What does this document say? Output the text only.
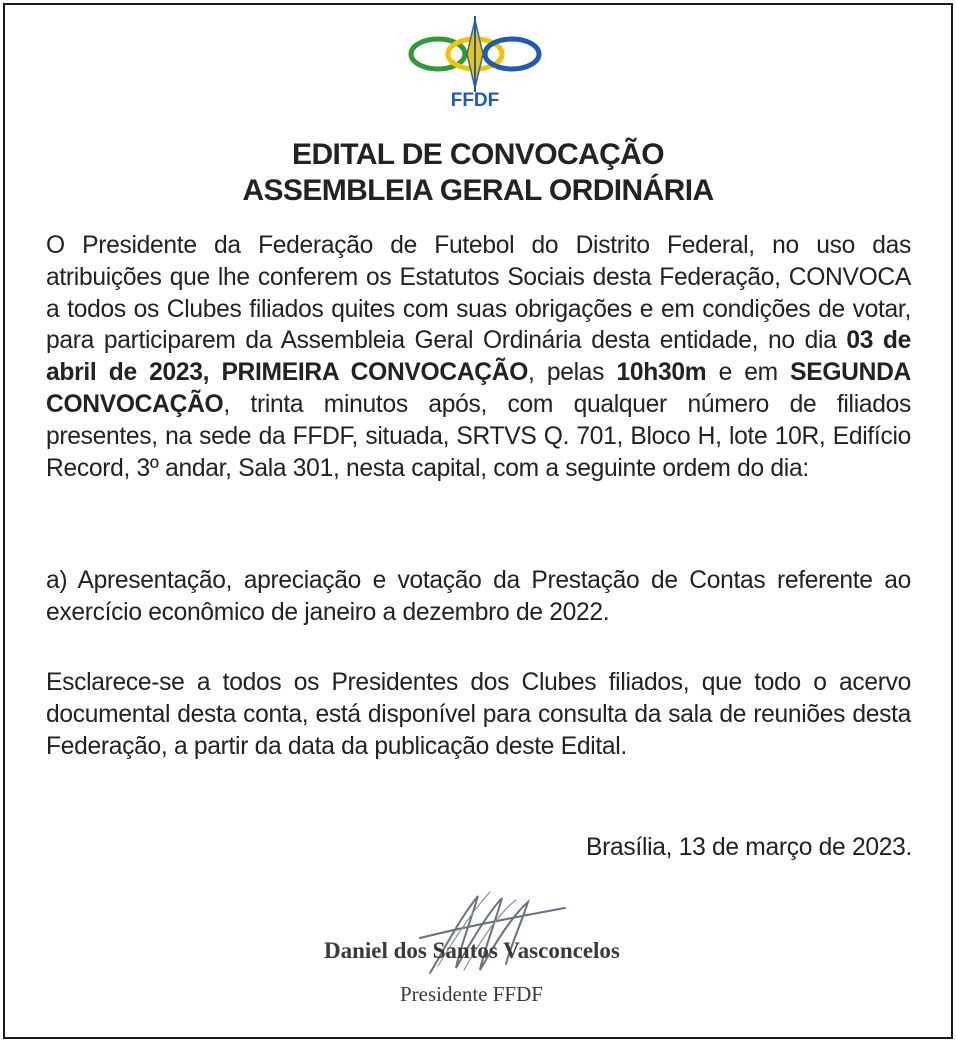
FFDF
EDITAL DE CONVOCAÇÃO
ASSEMBLEIA GERAL ORDINÁRIA
O Presidente da Federação de Futebol do Distrito Federal, no uso das atribuições que lhe conferem os Estatutos Sociais desta Federação, CONVOCA a todos os Clubes filiados quites com suas obrigações e em condições de votar, para participarem da Assembleia Geral Ordinária desta entidade, no dia 03 de abril de 2023, PRIMEIRA CONVOCAÇÃO, pelas 10h30m e em SEGUNDA CONVOCAÇÃO, trinta minutos após, com qualquer número de filiados presentes, na sede da FFDF, situada, SRTVS Q. 701, Bloco H, lote 10R, Edifício Record, 3º andar, Sala 301, nesta capital, com a seguinte ordem do dia:
a) Apresentação, apreciação e votação da Prestação de Contas referente ao exercício econômico de janeiro a dezembro de 2022.
Esclarece-se a todos os Presidentes dos Clubes filiados, que todo o acervo documental desta conta, está disponível para consulta da sala de reuniões desta Federação, a partir da data da publicação deste Edital.
Brasília, 13 de março de 2023.
Daniel dos Santos Vasconcelos
Presidente FFDF
